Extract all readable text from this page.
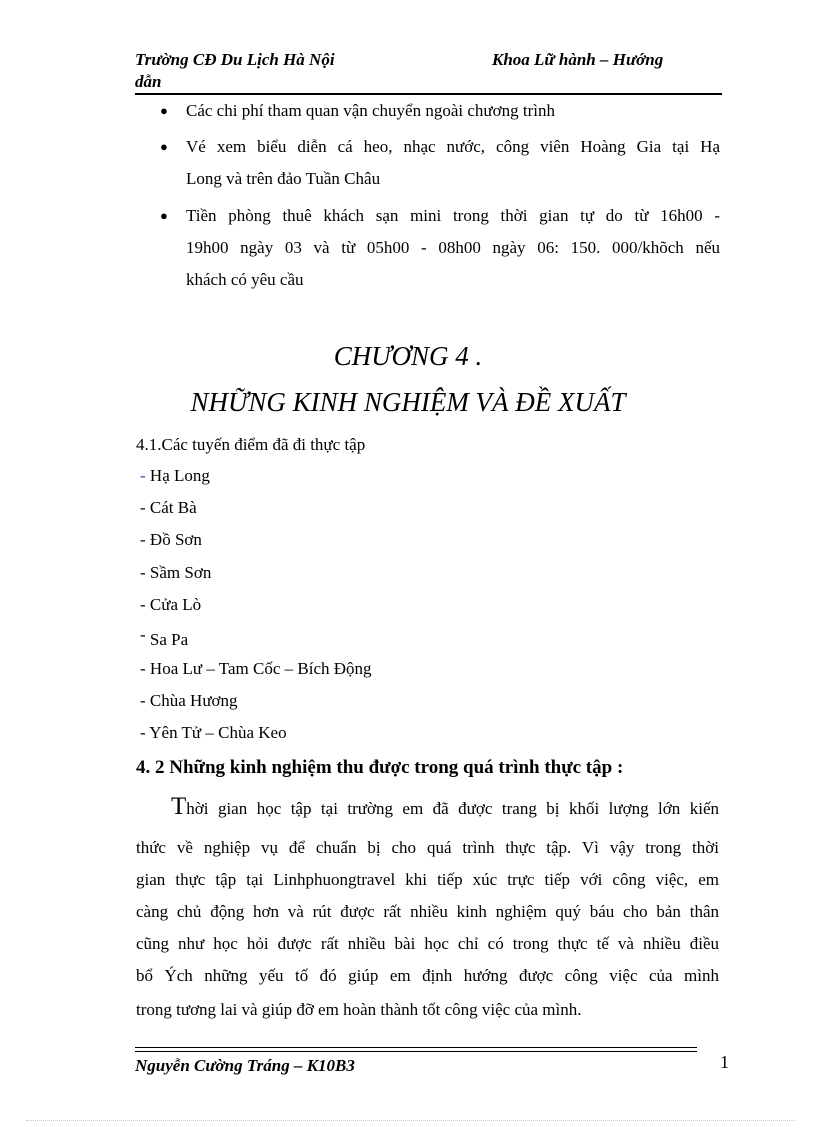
Trường CĐ Du Lịch Hà Nội	Khoa Lữ hành – Hướng
dẫn
● Các chi phí tham quan vận chuyển ngoài chương trình
● Vé xem biểu diễn cá heo, nhạc nước, công viên Hoàng Gia tại Hạ
Long và trên đảo Tuần Châu
● Tiền phòng thuê khách sạn mini trong thời gian tự do từ 16h00 -
19h00 ngày 03 và từ 05h00 - 08h00 ngày 06: 150. 000/khõch nếu
khách có yêu cầu
CHƯƠNG 4 .
NHỮNG KINH NGHIỆM VÀ ĐỀ XUẤT
4.1.Các tuyến điểm đã đi thực tập
- Hạ Long
- Cát Bà
- Đồ Sơn
- Sầm Sơn
- Cửa Lò
- Sa Pa
- Hoa Lư – Tam Cốc – Bích Động
- Chùa Hương
- Yên Tử – Chùa Keo
4. 2 Những kinh nghiệm thu được trong quá trình thực tập :
Thời gian học tập tại trường em đã được trang bị khối lượng lớn kiến
thức về nghiệp vụ để chuẩn bị cho quá trình thực tập. Vì vậy trong thời
gian thực tập tại Linhphuongtravel khi tiếp xúc trực tiếp với công việc, em
càng chủ động hơn và rút được rất nhiều kinh nghiệm quý báu cho bản thân
cũng như học hỏi được rất nhiều bài học chỉ có trong thực tế và nhiều điều
bổ Ých những yếu tố đó giúp em định hướng được công việc của mình
trong tương lai và giúp đỡ em hoàn thành tốt công việc của mình.
Nguyễn Cường Tráng – K10B3	1
